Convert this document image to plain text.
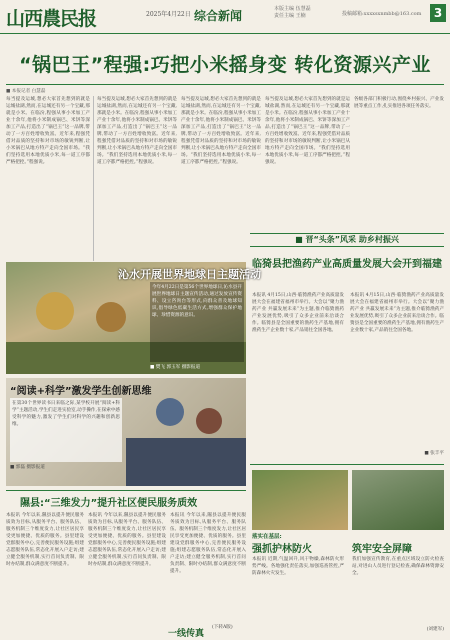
山西農民报	2025年4月22日 综合新闻	本版主编 伍慧磊
责任主编 王楠	投稿邮箱:xxxxsxnmbb@163.com	3
“锅巴王”程强:巧把小米摇身变 转化资源兴产业
■ 本报记者 白慧磊
每当提及运城,想必大家首先想到的就是运城盐湖,然而,在运城还有另一个宝藏,那就是小米。在临汾,程强从事小米加工产业十余年,他将小米制成锅巴、米饼等深加工产品,打造出了“锅巴王”这一品牌,带动了一方百姓增收致富。近年来,程强凭借对品质的坚持和对市场的敏锐判断,让小米锅巴从地方特产走向全国市场。“我们坚持选用本地优质小米,每一道工序都严格把控。”程强说。
每当提及运城,想必大家首先想到的就是运城盐湖,然而,在运城还有另一个宝藏,那就是小米。在临汾,程强从事小米加工产业十余年,他将小米制成锅巴、米饼等深加工产品,打造出了“锅巴王”这一品牌,带动了一方百姓增收致富。近年来,程强凭借对品质的坚持和对市场的敏锐判断,让小米锅巴从地方特产走向全国市场。“我们坚持选用本地优质小米,每一道工序都严格把控。”程强说。
每当提及运城,想必大家首先想到的就是运城盐湖,然而,在运城还有另一个宝藏,那就是小米。在临汾,程强从事小米加工产业十余年,他将小米制成锅巴、米饼等深加工产品,打造出了“锅巴王”这一品牌,带动了一方百姓增收致富。近年来,程强凭借对品质的坚持和对市场的敏锐判断,让小米锅巴从地方特产走向全国市场。“我们坚持选用本地优质小米,每一道工序都严格把控。”程强说。
每当提及运城,想必大家首先想到的就是运城盐湖,然而,在运城还有另一个宝藏,那就是小米。在临汾,程强从事小米加工产业十余年,他将小米制成锅巴、米饼等深加工产品,打造出了“锅巴王”这一品牌,带动了一方百姓增收致富。近年来,程强凭借对品质的坚持和对市场的敏锐判断,让小米锅巴从地方特产走向全国市场。“我们坚持选用本地优质小米,每一道工序都严格把控。”程强说。
各级各部门积极行动,围绕乡村振兴、产业发展等重点工作,扎实推进各项任务落实。
沁水开展世界地球日主题活动
今年4月22日是第56个世界地球日,沁水县开展世界地球日主题宣传活动,通过发放宣传资料、设立咨询台等形式,向群众普及地球知识,倡导绿色低碳生活方式,增强群众保护地球、珍惜资源的意识。
■ 樊飞 郭玉军 摄影报道
“阅读+科学”激发学生创新思维
在第30个世界读书日来临之际,某学校开展“阅读+科学”主题活动,学生们走进实验室,动手操作,在探索中感受科学的魅力,激发了学生们对科学的兴趣和创新思维。
■ 郭磊 摄影报道
隰县:“三维发力”提升社区便民服务质效
本报讯 今年以来,隰县以提升便民服务质效为目标,从服务平台、服务队伍、服务机制三个维度发力,让社区居民享受更加便捷、优质的服务。县里建设党群服务中心,完善便民服务设施;组建志愿服务队伍,常态化开展入户走访;建立健全服务机制,实行首问负责制、限时办结制,群众满意度不断提升。
本报讯 今年以来,隰县以提升便民服务质效为目标,从服务平台、服务队伍、服务机制三个维度发力,让社区居民享受更加便捷、优质的服务。县里建设党群服务中心,完善便民服务设施;组建志愿服务队伍,常态化开展入户走访;建立健全服务机制,实行首问负责制、限时办结制,群众满意度不断提升。
本报讯 今年以来,隰县以提升便民服务质效为目标,从服务平台、服务队伍、服务机制三个维度发力,让社区居民享受更加便捷、优质的服务。县里建设党群服务中心,完善便民服务设施;组建志愿服务队伍,常态化开展入户走访;建立健全服务机制,实行首问负责制、限时办结制,群众满意度不断提升。
(下转A版)
■ 晋“头条”风采 助乡村振兴
临猗县把渔药产业高质量发展大会开到福建
本报讯 4月15日,山西·临猗渔药产业高质量发展大会在福建省福州市举行。大会以“聚力渔药产业 共赢发展未来”为主题,推介临猗渔药产业发展优势,吸引了众多企业前来洽谈合作。临猗县是全国重要的渔药生产基地,拥有渔药生产企业数十家,产品销往全国各地。
本报讯 4月15日,山西·临猗渔药产业高质量发展大会在福建省福州市举行。大会以“聚力渔药产业 共赢发展未来”为主题,推介临猗渔药产业发展优势,吸引了众多企业前来洽谈合作。临猗县是全国重要的渔药生产基地,拥有渔药生产企业数十家,产品销往全国各地。
■ 张丰平
落实在基层:
强抓护林防火	筑牢安全屏障
本报讯 近期,气温回升,风干物燥,森林防火形势严峻。各地强化责任落实,加强巡查管控,严防森林火灾发生。
我们加强宣传教育,在重点区域设立防火检查站,对进山人员进行登记检查,确保森林资源安全。
(刘建军)
一线传真
